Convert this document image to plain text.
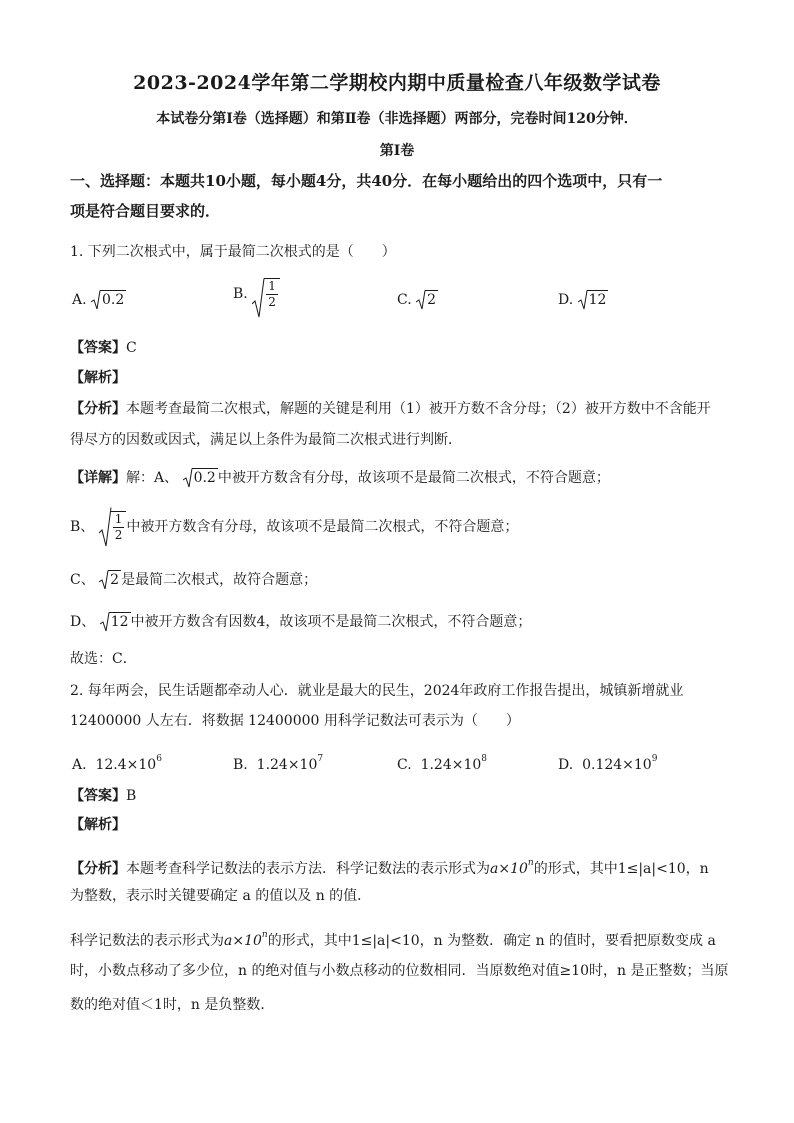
2023-2024学年第二学期校内期中质量检查八年级数学试卷
本试卷分第Ⅰ卷（选择题）和第Ⅱ卷（非选择题）两部分，完卷时间120分钟．
第Ⅰ卷
一、选择题：本题共10小题，每小题4分，共40分．在每小题给出的四个选项中，只有一
项是符合题目要求的．
1. 下列二次根式中，属于最简二次根式的是（　　）
A. 0.2	B. $\frac{1}{2}$	C. 2	D. 12
【答案】C
【解析】
【分析】本题考查最简二次根式，解题的关键是利用（1）被开方数不含分母；（2）被开方数中不含能开
得尽方的因数或因式，满足以上条件为最简二次根式进行判断．
【详解】解：A、 0.2 中被开方数含有分母，故该项不是最简二次根式，不符合题意；
B、 $\frac{1}{2}$ 中被开方数含有分母，故该项不是最简二次根式，不符合题意；
C、 2 是最简二次根式，故符合题意；
D、 12 中被开方数含有因数4，故该项不是最简二次根式，不符合题意；
故选：C．
2. 每年两会，民生话题都牵动人心．就业是最大的民生，2024年政府工作报告提出，城镇新增就业
12400000 人左右．将数据 12400000 用科学记数法可表示为（　　）
A. $12.4\times 10^6$	B. $1.24\times 10^7$	C. $1.24\times 10^8$	D. $0.124\times 10^9$
【答案】B
【解析】
【分析】本题考查科学记数法的表示方法．科学记数法的表示形式为$a\times 10^n$的形式，其中1≤|a|<10，n
为整数，表示时关键要确定 a 的值以及 n 的值．
科学记数法的表示形式为$a\times 10^n$的形式，其中1≤|a|<10，n 为整数．确定 n 的值时，要看把原数变成 a
时，小数点移动了多少位，n 的绝对值与小数点移动的位数相同．当原数绝对值≥10时，n 是正整数；当原
数的绝对值＜1时，n 是负整数．
